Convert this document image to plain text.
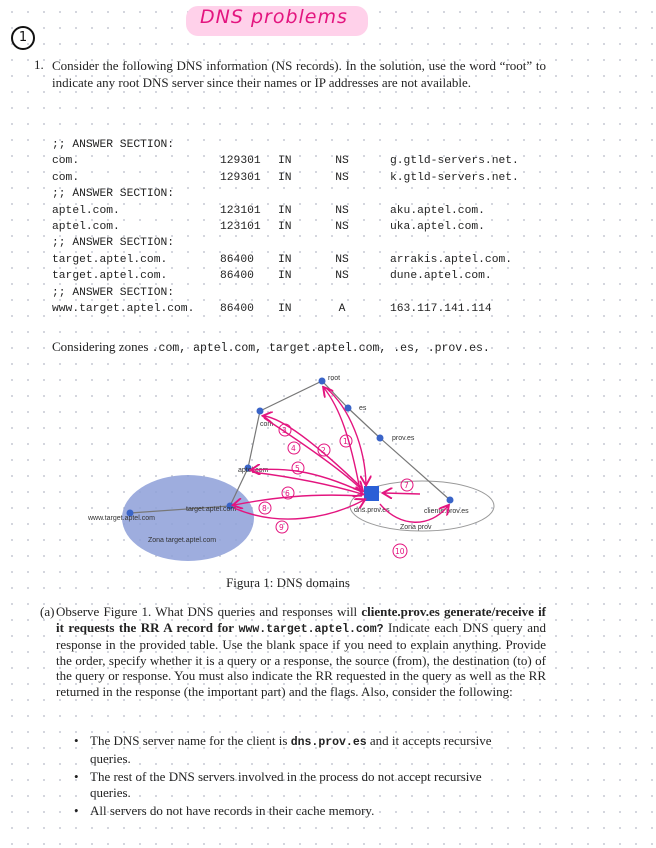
DNS problems
1
1. Consider the following DNS information (NS records). In the solution, use the word “root” to indicate any root DNS server since their names or IP addresses are not available.
;; ANSWER SECTION:
com.	129301 IN	NS	g.gtld-servers.net.
com.	129301 IN	NS	k.gtld-servers.net.
;; ANSWER SECTION:
aptel.com.	123101 IN	NS	aku.aptel.com.
aptel.com.	123101 IN	NS	uka.aptel.com.
;; ANSWER SECTION:
target.aptel.com.	86400 IN	NS	arrakis.aptel.com.
target.aptel.com.	86400 IN	NS	dune.aptel.com.
;; ANSWER SECTION:
www.target.aptel.com. 86400 IN	A	163.117.141.114
Considering zones .com, aptel.com, target.aptel.com, .es, .prov.es.
root
es
com
prov.es
aptel.com
target.aptel.com
www.target.aptel.com
dns.prov.es	cliente.prov.es
Zona target.aptel.com
Zona prov
1
2
3
4
5
6
7
8
9
10
Figura 1: DNS domains
(a) Observe Figure 1. What DNS queries and responses will cliente.prov.es generate/receive if it requests the RR A record for www.target.aptel.com? Indicate each DNS query and response in the provided table. Use the blank space if you need to explain anything. Provide the order, specify whether it is a query or a response, the source (from), the destination (to) of the query or response. You must also indicate the RR requested in the query as well as the RR returned in the response (the important part) and the flags. Also, consider the following:
• The DNS server name for the client is dns.prov.es and it accepts recursive queries.
• The rest of the DNS servers involved in the process do not accept recursive queries.
• All servers do not have records in their cache memory.
